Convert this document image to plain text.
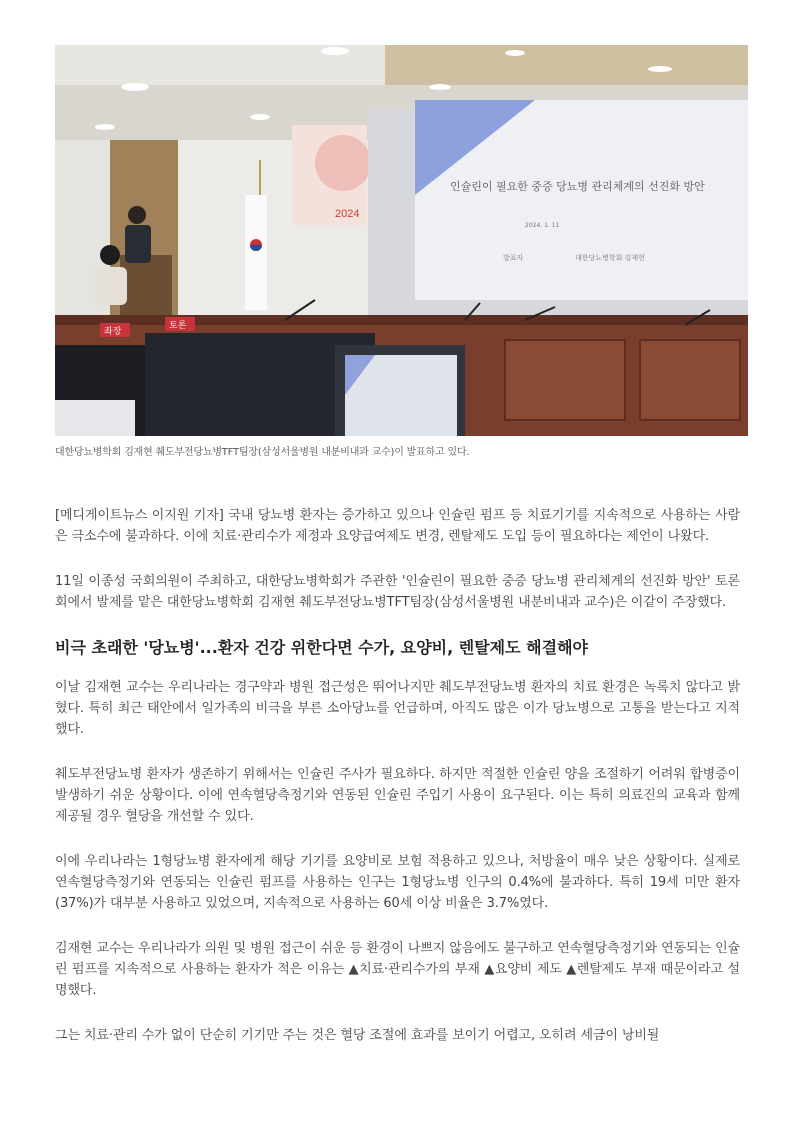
2024
인슐린이 필요한 중증 당뇨병 관리체계의 선진화 방안
2024. 1. 11
발표자	대한당뇨병학회 김재현
좌장
토론
대한당뇨병학회 김재현 췌도부전당뇨병TFT팀장(삼성서울병원 내분비내과 교수)이 발표하고 있다.

[메디게이트뉴스 이지원 기자] 국내 당뇨병 환자는 증가하고 있으나 인슐린 펌프 등 치료기기를 지속적으로 사용하는 사람은 극소수에 불과하다. 이에 치료·관리수가 제정과 요양급여제도 변경, 렌탈제도 도입 등이 필요하다는 제언이 나왔다.

11일 이종성 국회의원이 주최하고, 대한당뇨병학회가 주관한 '인슐린이 필요한 중증 당뇨병 관리체계의 선진화 방안' 토론회에서 발제를 맡은 대한당뇨병학회 김재현 췌도부전당뇨병TFT팀장(삼성서울병원 내분비내과 교수)은 이같이 주장했다.

비극 초래한 '당뇨병'...환자 건강 위한다면 수가, 요양비, 렌탈제도 해결해야

이날 김재현 교수는 우리나라는 경구약과 병원 접근성은 뛰어나지만 췌도부전당뇨병 환자의 치료 환경은 녹록치 않다고 밝혔다. 특히 최근 태안에서 일가족의 비극을 부른 소아당뇨를 언급하며, 아직도 많은 이가 당뇨병으로 고통을 받는다고 지적했다.

췌도부전당뇨병 환자가 생존하기 위해서는 인슐린 주사가 필요하다. 하지만 적절한 인슐린 양을 조절하기 어려워 합병증이 발생하기 쉬운 상황이다. 이에 연속혈당측정기와 연동된 인슐린 주입기 사용이 요구된다. 이는 특히 의료진의 교육과 함께 제공될 경우 혈당을 개선할 수 있다.

이에 우리나라는 1형당뇨병 환자에게 해당 기기를 요양비로 보험 적용하고 있으나, 처방율이 매우 낮은 상황이다. 실제로 연속혈당측정기와 연동되는 인슐린 펌프를 사용하는 인구는 1형당뇨병 인구의 0.4%에 불과하다. 특히 19세 미만 환자(37%)가 대부분 사용하고 있었으며, 지속적으로 사용하는 60세 이상 비율은 3.7%였다.

김재현 교수는 우리나라가 의원 및 병원 접근이 쉬운 등 환경이 나쁘지 않음에도 불구하고 연속혈당측정기와 연동되는 인슐린 펌프를 지속적으로 사용하는 환자가 적은 이유는 ▲치료·관리수가의 부재 ▲요양비 제도 ▲렌탈제도 부재 때문이라고 설명했다.

그는 치료·관리 수가 없이 단순히 기기만 주는 것은 혈당 조절에 효과를 보이기 어렵고, 오히려 세금이 낭비될
